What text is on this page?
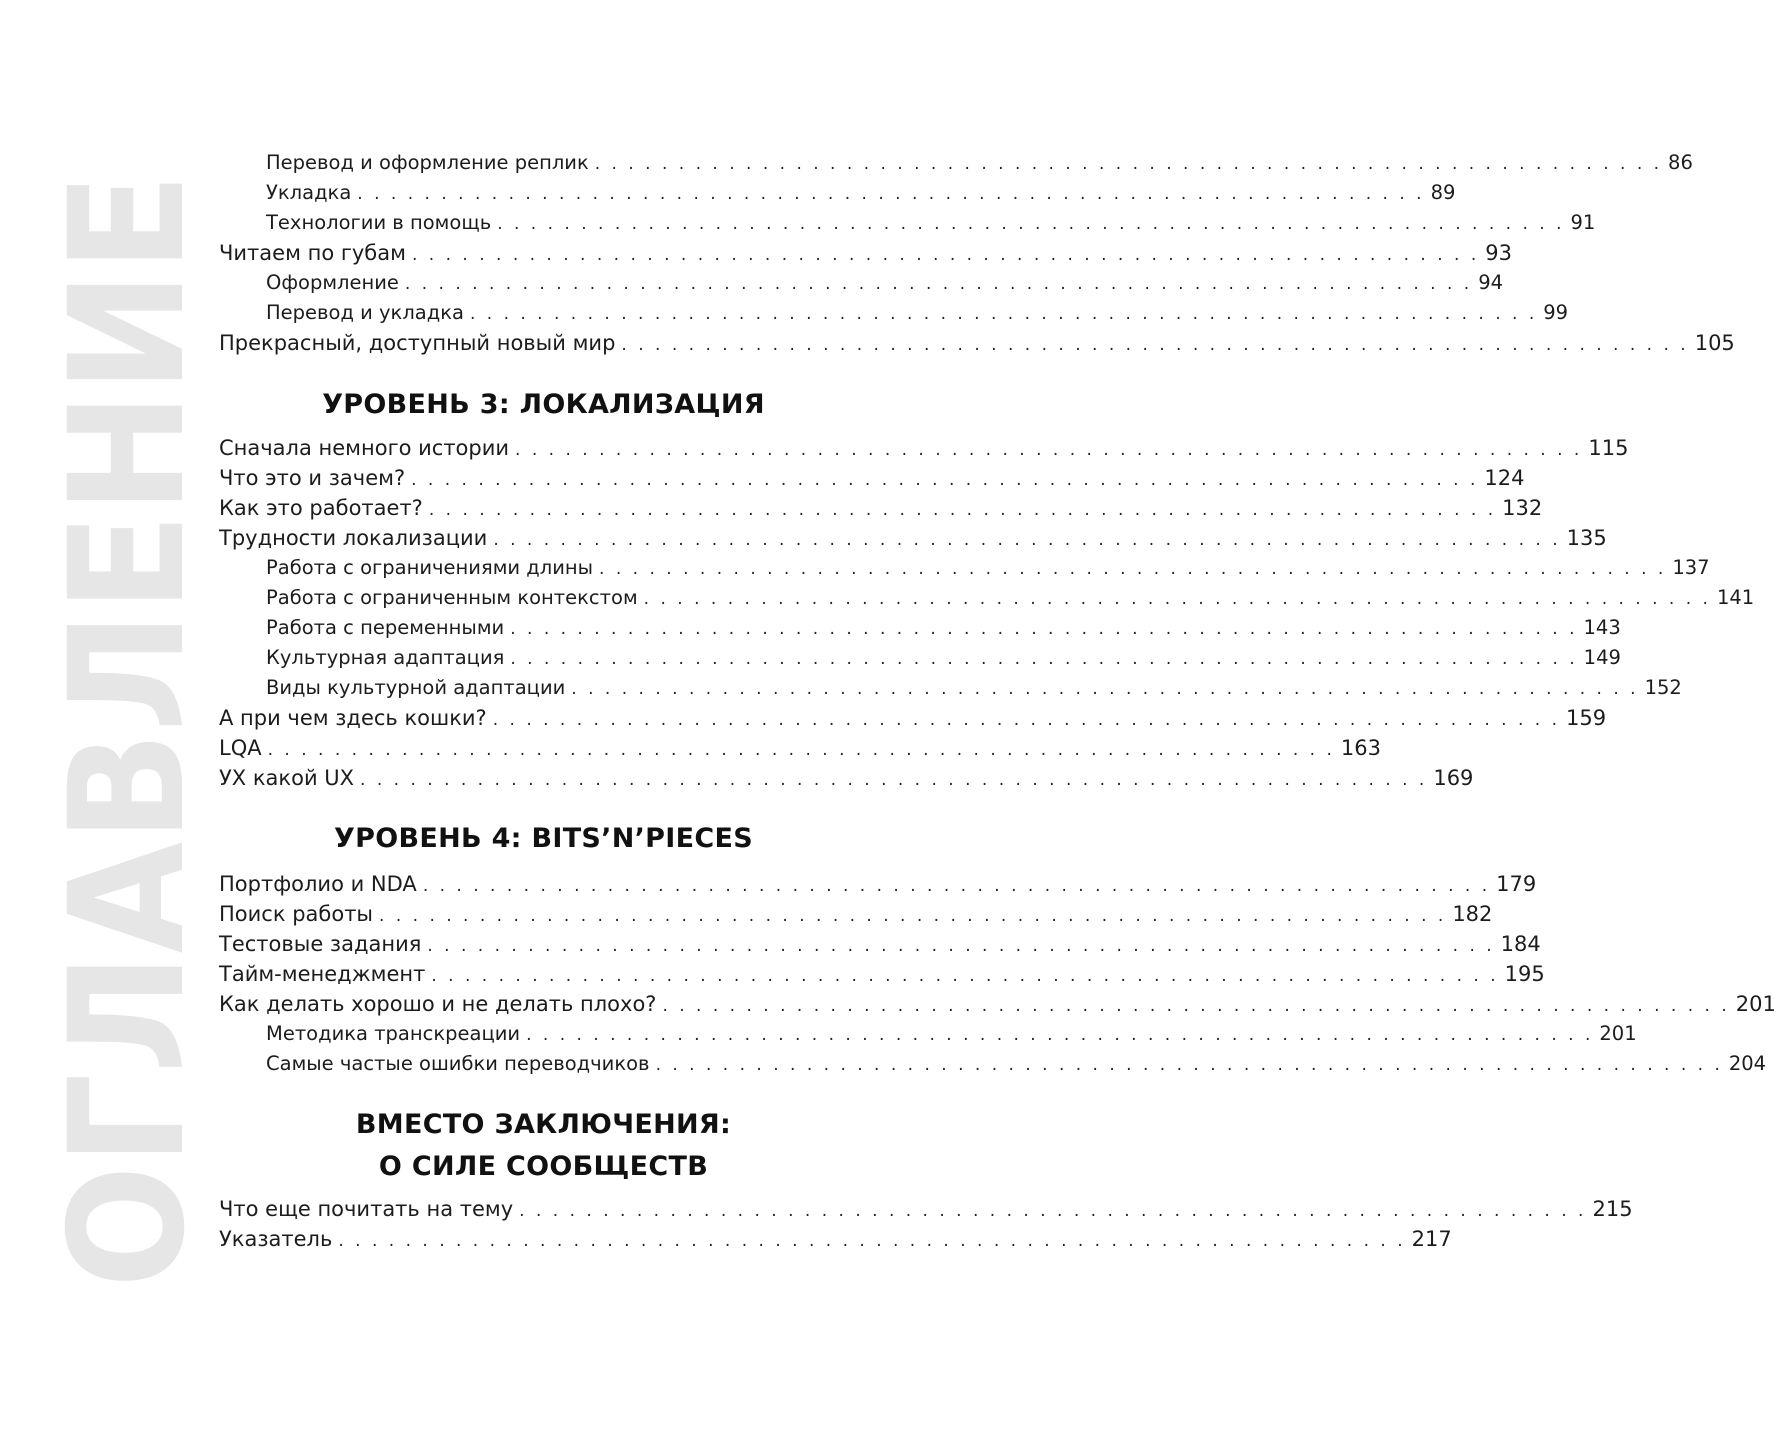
ОГЛАВЛЕНИЕ Перевод и оформление реплик . . .	86
Укладка . . .	89
Технологии в помощь . . .	91
Читаем по губам . . .	93
Оформление . . .	94
Перевод и укладка . . .	99
Прекрасный, доступный новый мир . . .	105
УРОВЕНЬ 3: ЛОКАЛИЗАЦИЯ
Сначала немного истории . . .	115
Что это и зачем? . . .	124
Как это работает? . . .	132
Трудности локализации . . .	135
Работа с ограничениями длины . . .	137
Работа с ограниченным контекстом . . .	141
Работа с переменными . . .	143
Культурная адаптация . . .	149
Виды культурной адаптации . . .	152
А при чем здесь кошки? . . .	159
LQA . . .	163
УХ какой UX . . .	169
УРОВЕНЬ 4: BITS’N’PIECES
Портфолио и NDA . . .	179
Поиск работы . . .	182
Тестовые задания . . .	184
Тайм-менеджмент . . .	195
Как делать хорошо и не делать плохо? . . .	201
Методика транскреации . . .	201
Самые частые ошибки переводчиков . . .	204
ВМЕСТО ЗАКЛЮЧЕНИЯ:
О СИЛЕ СООБЩЕСТВ
Что еще почитать на тему . . .	215
Указатель . . .	217
